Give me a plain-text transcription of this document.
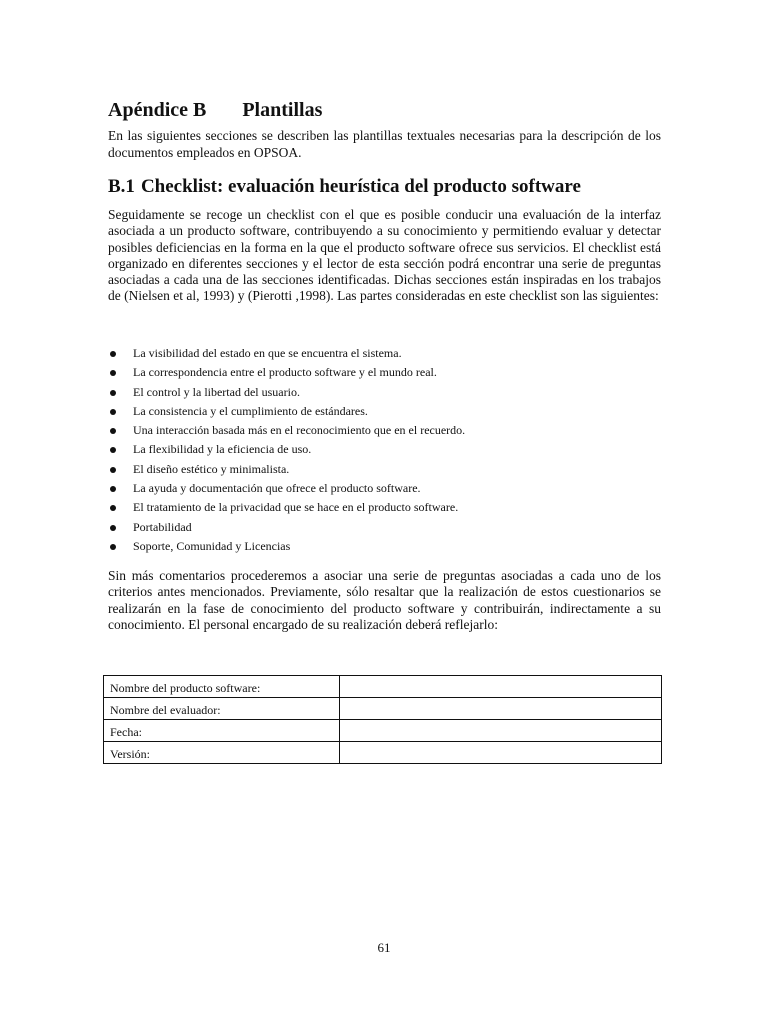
Apéndice B Plantillas

En las siguientes secciones se describen las plantillas textuales necesarias para la descripción de los documentos empleados en OPSOA.

B.1 Checklist: evaluación heurística del producto software

Seguidamente se recoge un checklist con el que es posible conducir una evaluación de la interfaz asociada a un producto software, contribuyendo a su conocimiento y permitiendo evaluar y detectar posibles deficiencias en la forma en la que el producto software ofrece sus servicios. El checklist está organizado en diferentes secciones y el lector de esta sección podrá encontrar una serie de preguntas asociadas a cada una de las secciones identificadas. Dichas secciones están inspiradas en los trabajos de (Nielsen et al, 1993) y (Pierotti ,1998). Las partes consideradas en este checklist son las siguientes:

La visibilidad del estado en que se encuentra el sistema.
La correspondencia entre el producto software y el mundo real.
El control y la libertad del usuario.
La consistencia y el cumplimiento de estándares.
Una interacción basada más en el reconocimiento que en el recuerdo.
La flexibilidad y la eficiencia de uso.
El diseño estético y minimalista.
La ayuda y documentación que ofrece el producto software.
El tratamiento de la privacidad que se hace en el producto software.
Portabilidad
Soporte, Comunidad y Licencias

Sin más comentarios procederemos a asociar una serie de preguntas asociadas a cada uno de los criterios antes mencionados. Previamente, sólo resaltar que la realización de estos cuestionarios se realizarán en la fase de conocimiento del producto software y contribuirán, indirectamente a su conocimiento. El personal encargado de su realización deberá reflejarlo:

Nombre del producto software:	
Nombre del evaluador:	
Fecha:	
Versión:	

61
